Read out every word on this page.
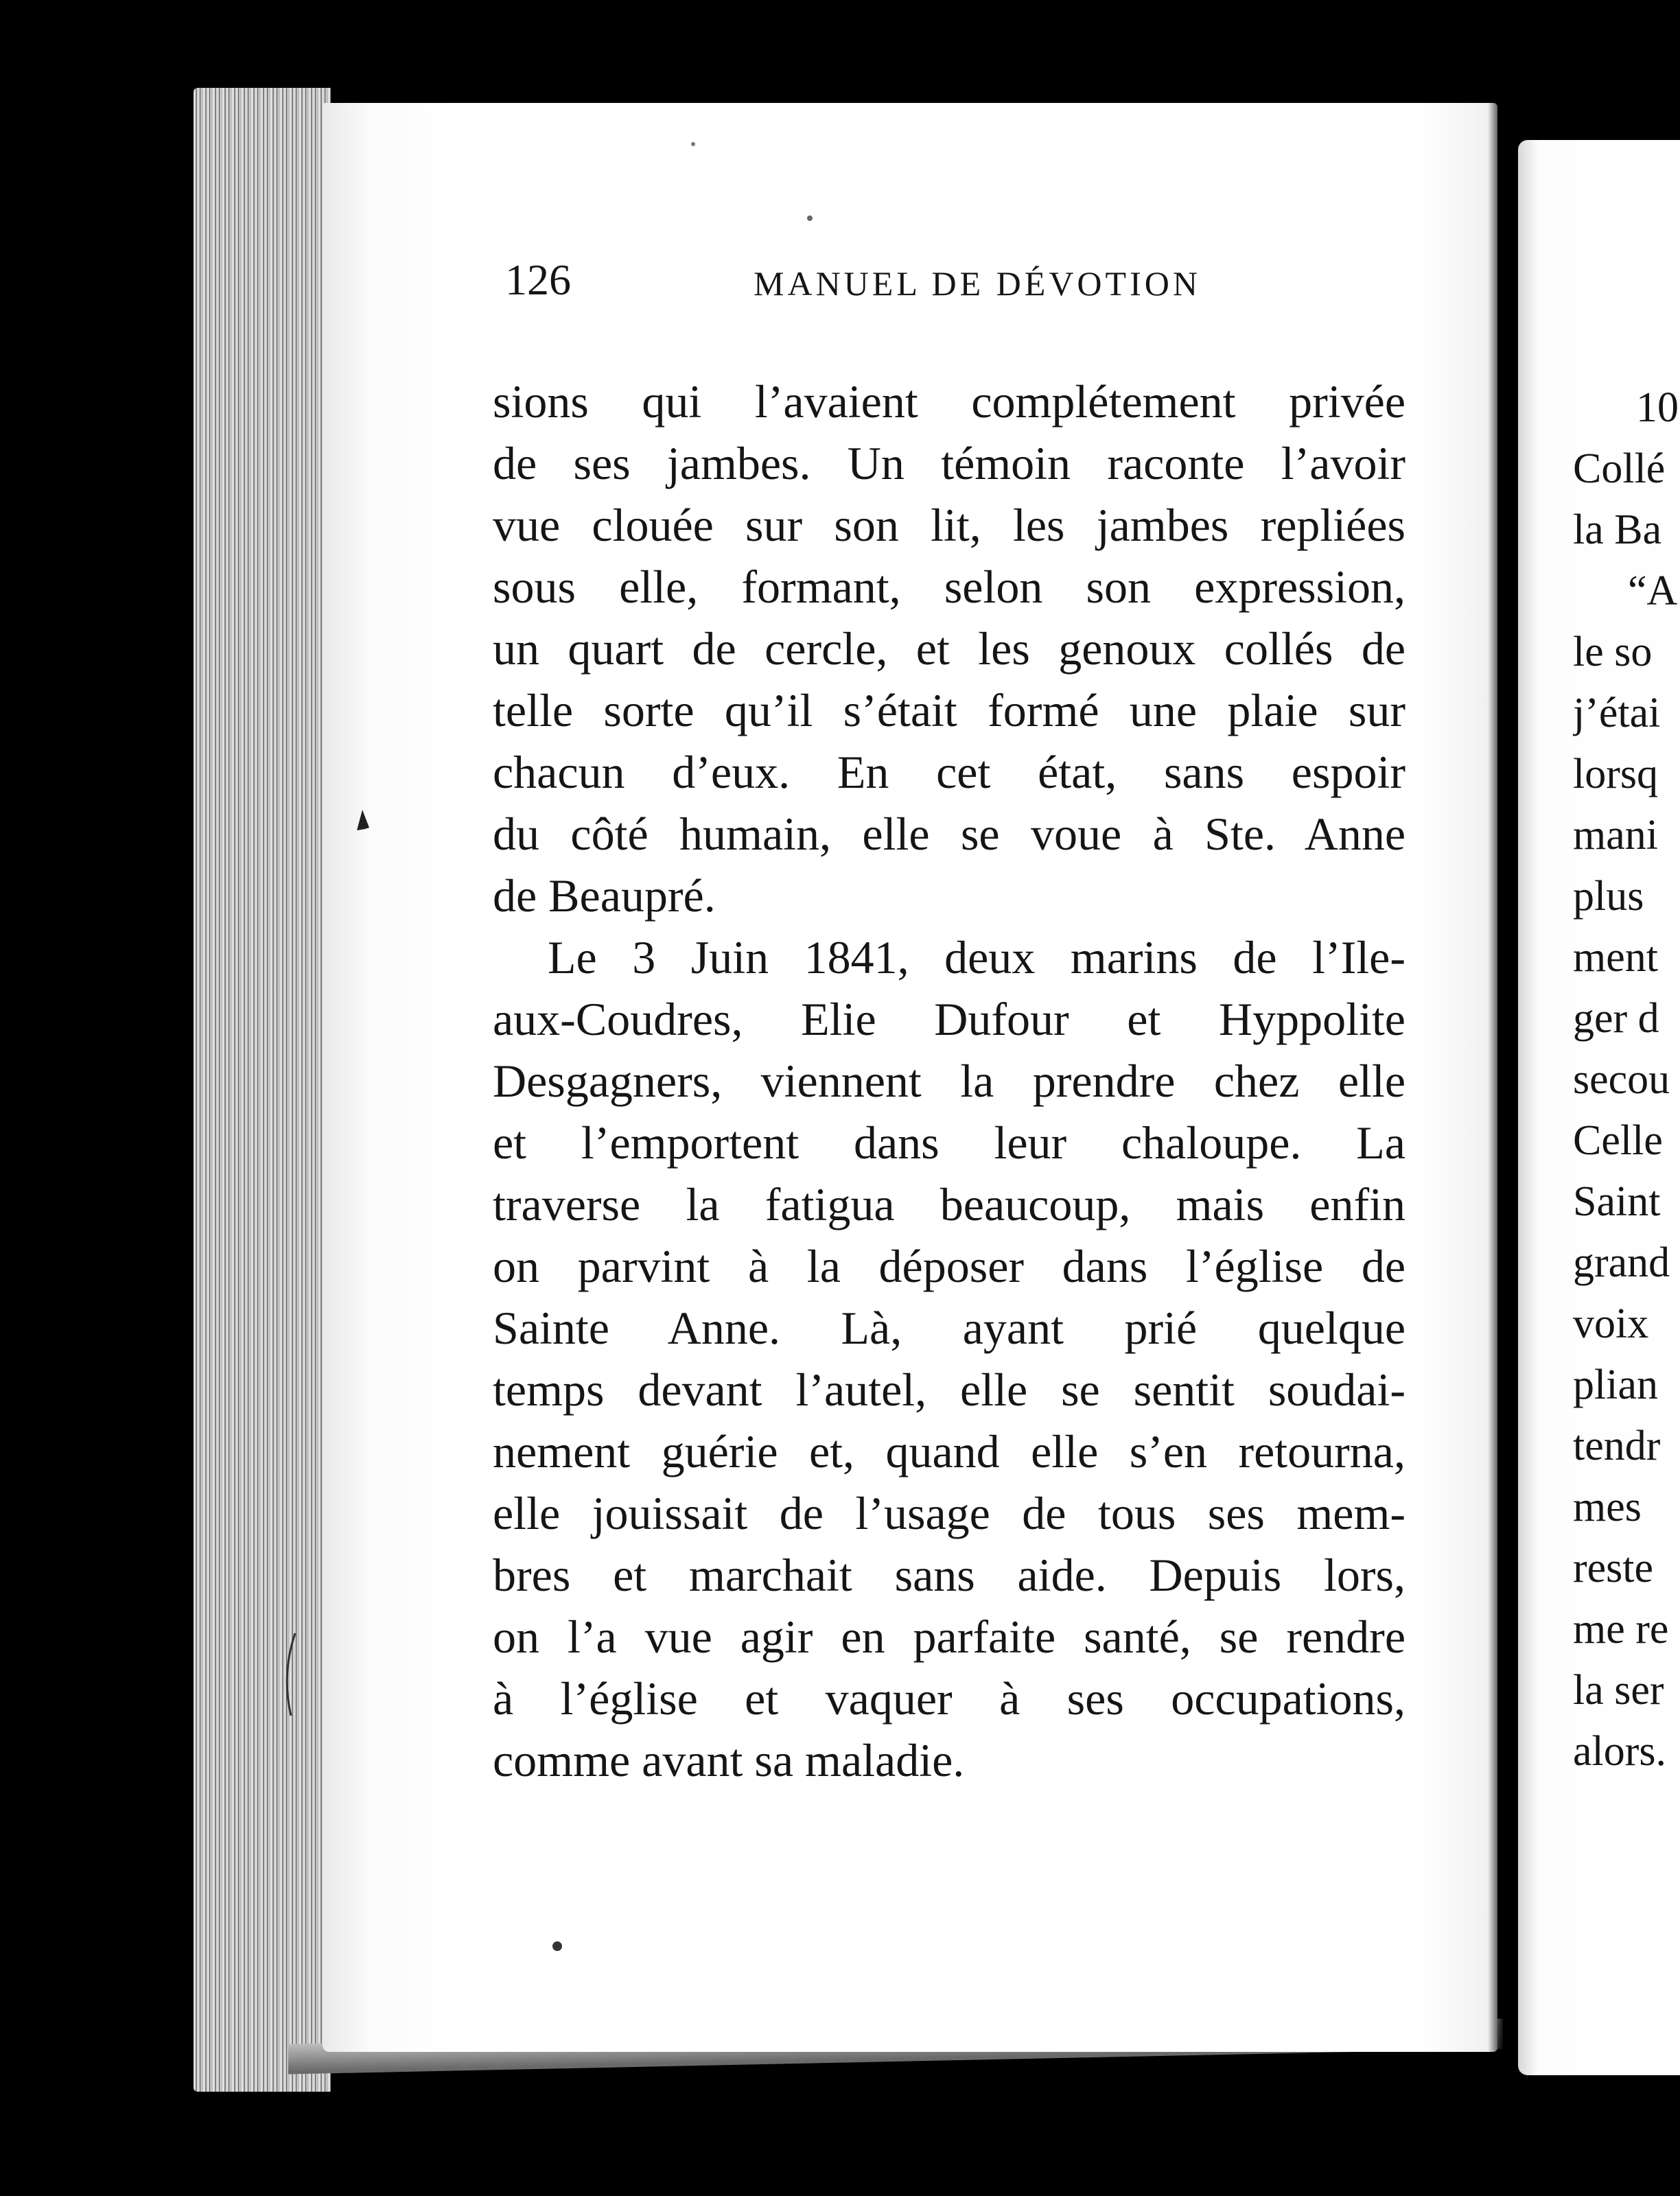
126	MANUEL DE DÉVOTION
sions qui l’avaient complétement privée
de ses jambes. Un témoin raconte l’avoir
vue clouée sur son lit, les jambes repliées
sous elle, formant, selon son expression,
un quart de cercle, et les genoux collés de
telle sorte qu’il s’était formé une plaie sur
chacun d’eux. En cet état, sans espoir
du côté humain, elle se voue à Ste. Anne
de Beaupré.
Le 3 Juin 1841, deux marins de l’Ile-
aux-Coudres, Elie Dufour et Hyppolite
Desgagners, viennent la prendre chez elle
et l’emportent dans leur chaloupe. La
traverse la fatigua beaucoup, mais enfin
on parvint à la déposer dans l’église de
Sainte Anne. Là, ayant prié quelque
temps devant l’autel, elle se sentit soudai-
nement guérie et, quand elle s’en retourna,
elle jouissait de l’usage de tous ses mem-
bres et marchait sans aide. Depuis lors,
on l’a vue agir en parfaite santé, se rendre
à l’église et vaquer à ses occupations,
comme avant sa maladie.
10
Collé
la Ba
“A
le so
j’étai
lorsq
mani
plus
ment
ger d
secou
Celle
Saint
grand
voix
plian
tendr
mes
reste
me re
la ser
alors.
